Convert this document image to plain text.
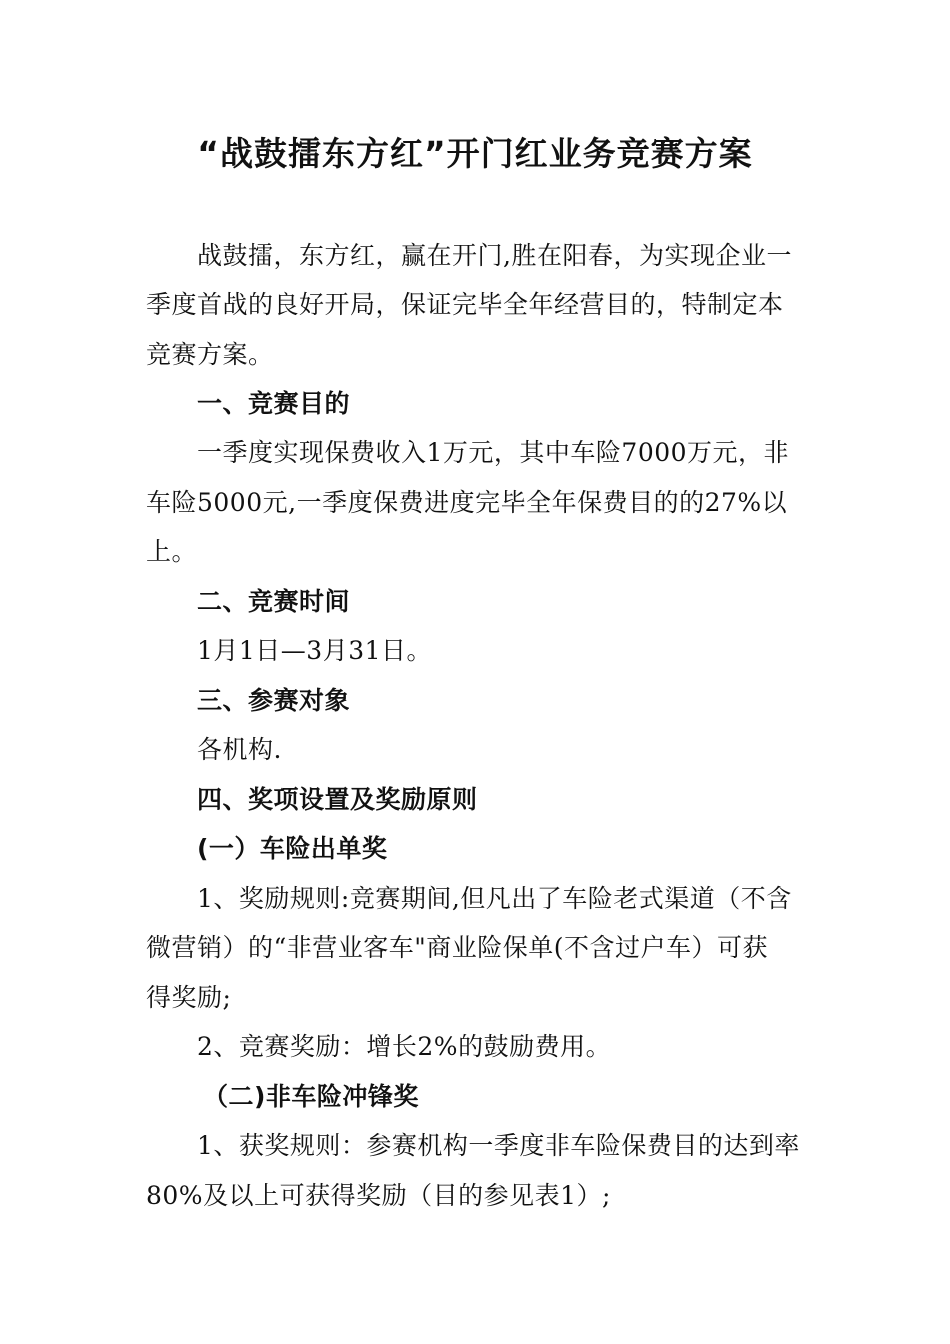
“战鼓擂东方红”开门红业务竞赛方案
战鼓擂，东方红，赢在开门,胜在阳春，为实现企业一
季度首战的良好开局，保证完毕全年经营目的，特制定本
竞赛方案。
一、竞赛目的
一季度实现保费收入1万元，其中车险7000万元，非
车险5000元,一季度保费进度完毕全年保费目的的27%以
上。
二、竞赛时间
1月1日—3月31日。
三、参赛对象
各机构.
四、奖项设置及奖励原则
(一）车险出单奖
1、奖励规则:竞赛期间,但凡出了车险老式渠道（不含
微营销）的“非营业客车"商业险保单(不含过户车）可获
得奖励;
2、竞赛奖励：增长2%的鼓励费用。
（二)非车险冲锋奖
1、获奖规则：参赛机构一季度非车险保费目的达到率
80%及以上可获得奖励（目的参见表1）;
